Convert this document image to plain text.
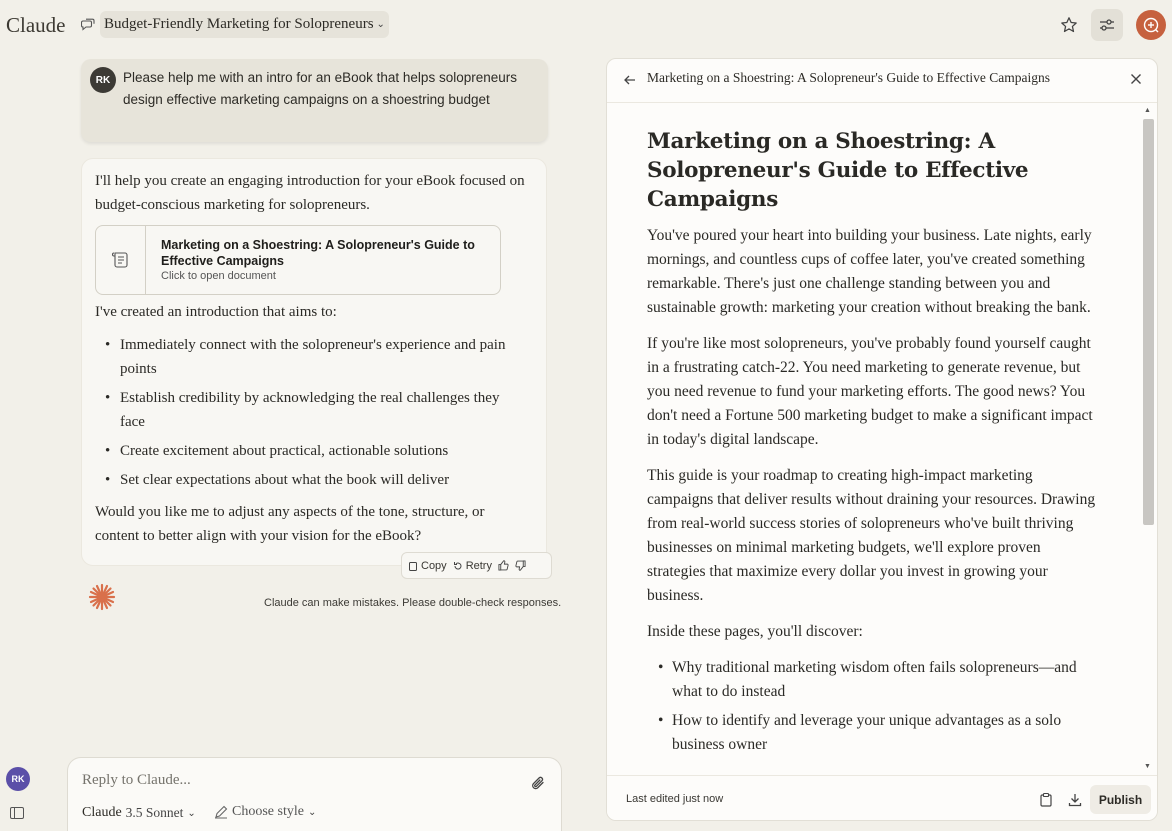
Claude	Budget-Friendly Marketing for Solopreneurs ⌄
RK Please help me with an intro for an eBook that helps solopreneurs design effective marketing campaigns on a shoestring budget
I'll help you create an engaging introduction for your eBook focused on budget-conscious marketing for solopreneurs.
Marketing on a Shoestring: A Solopreneur's Guide to Effective Campaigns
Click to open document
I've created an introduction that aims to:
• Immediately connect with the solopreneur's experience and pain points
• Establish credibility by acknowledging the real challenges they face
• Create excitement about practical, actionable solutions
• Set clear expectations about what the book will deliver
Would you like me to adjust any aspects of the tone, structure, or content to better align with your vision for the eBook?
Copy Retry
Claude can make mistakes. Please double-check responses.
RK
Reply to Claude...
Claude 3.5 Sonnet ⌄	Choose style ⌄
Marketing on a Shoestring: A Solopreneur's Guide to Effective Campaigns
Marketing on a Shoestring: A Solopreneur's Guide to Effective Campaigns
You've poured your heart into building your business. Late nights, early mornings, and countless cups of coffee later, you've created something remarkable. There's just one challenge standing between you and sustainable growth: marketing your creation without breaking the bank.
If you're like most solopreneurs, you've probably found yourself caught in a frustrating catch-22. You need marketing to generate revenue, but you need revenue to fund your marketing efforts. The good news? You don't need a Fortune 500 marketing budget to make a significant impact in today's digital landscape.
This guide is your roadmap to creating high-impact marketing campaigns that deliver results without draining your resources. Drawing from real-world success stories of solopreneurs who've built thriving businesses on minimal marketing budgets, we'll explore proven strategies that maximize every dollar you invest in growing your business.
Inside these pages, you'll discover:
• Why traditional marketing wisdom often fails solopreneurs—and what to do instead
• How to identify and leverage your unique advantages as a solo business owner
▲
▼
Last edited just now	Publish
